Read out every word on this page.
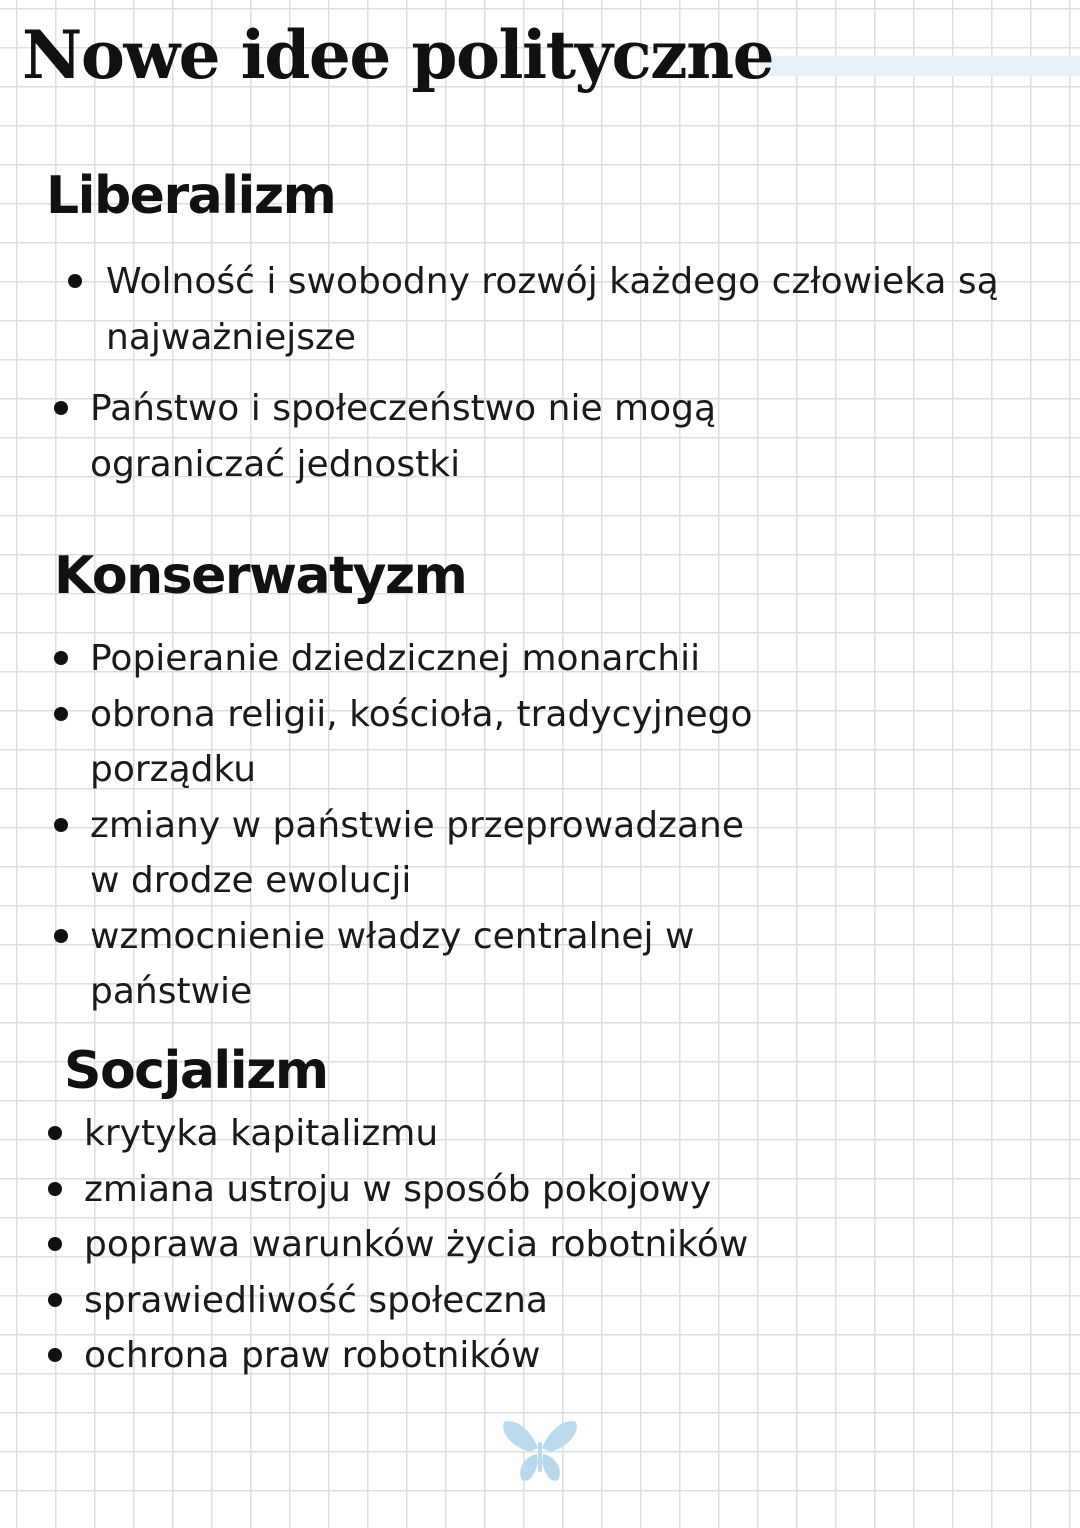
Nowe idee polityczne
Liberalizm
Wolność i swobodny rozwój każdego człowieka są
najważniejsze
Państwo i społeczeństwo nie mogą
ograniczać jednostki
Konserwatyzm
Popieranie dziedzicznej monarchii
obrona religii, kościoła, tradycyjnego
porządku
zmiany w państwie przeprowadzane
w drodze ewolucji
wzmocnienie władzy centralnej w
państwie
Socjalizm
krytyka kapitalizmu
zmiana ustroju w sposób pokojowy
poprawa warunków życia robotników
sprawiedliwość społeczna
ochrona praw robotników
